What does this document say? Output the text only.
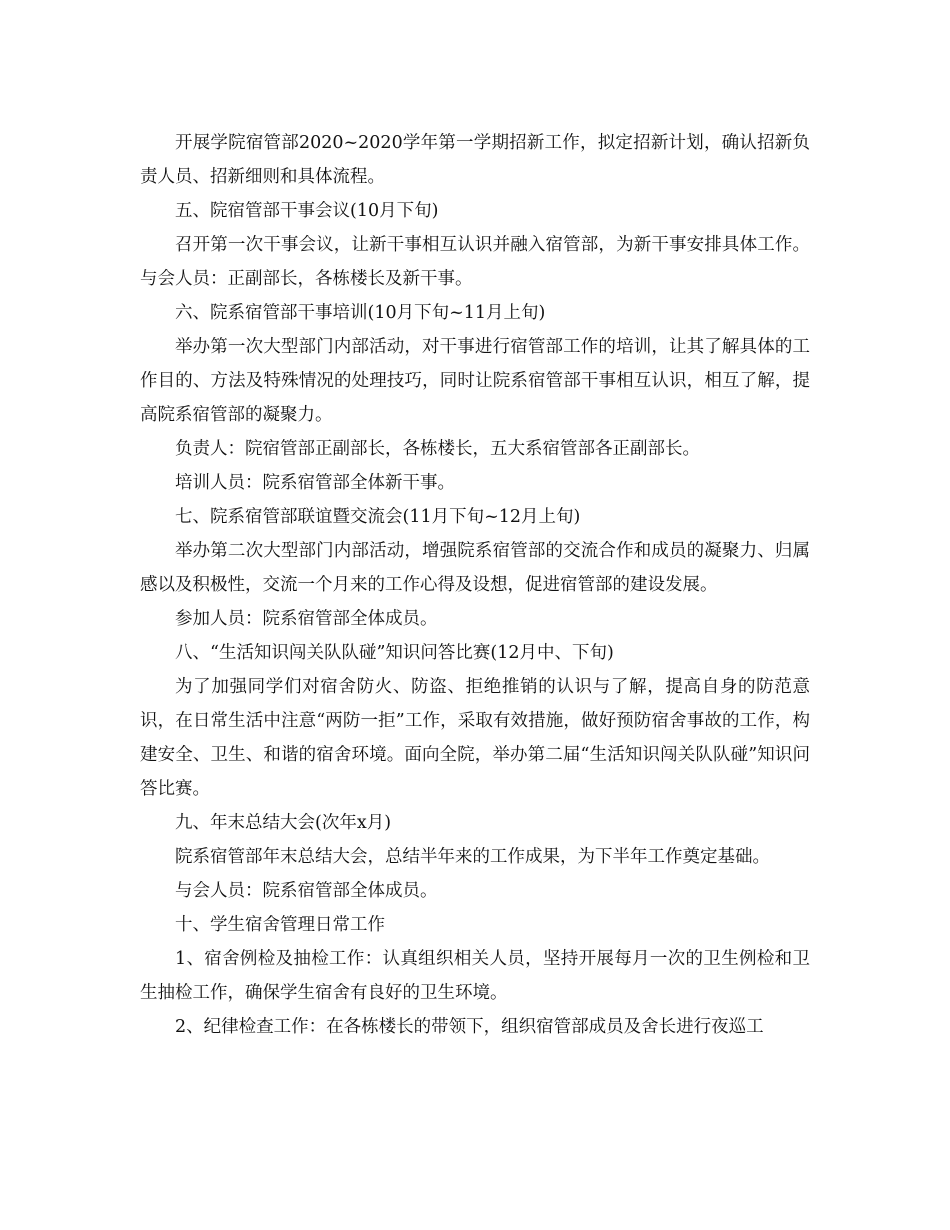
开展学院宿管部2020~2020学年第一学期招新工作，拟定招新计划，确认招新负责人员、招新细则和具体流程。

五、院宿管部干事会议(10月下旬)

召开第一次干事会议，让新干事相互认识并融入宿管部，为新干事安排具体工作。与会人员：正副部长，各栋楼长及新干事。

六、院系宿管部干事培训(10月下旬~11月上旬)

举办第一次大型部门内部活动，对干事进行宿管部工作的培训，让其了解具体的工作目的、方法及特殊情况的处理技巧，同时让院系宿管部干事相互认识，相互了解，提高院系宿管部的凝聚力。

负责人：院宿管部正副部长，各栋楼长，五大系宿管部各正副部长。

培训人员：院系宿管部全体新干事。

七、院系宿管部联谊暨交流会(11月下旬~12月上旬)

举办第二次大型部门内部活动，增强院系宿管部的交流合作和成员的凝聚力、归属感以及积极性，交流一个月来的工作心得及设想，促进宿管部的建设发展。

参加人员：院系宿管部全体成员。

八、“生活知识闯关队队碰”知识问答比赛(12月中、下旬)

为了加强同学们对宿舍防火、防盗、拒绝推销的认识与了解，提高自身的防范意识，在日常生活中注意“两防一拒”工作，采取有效措施，做好预防宿舍事故的工作，构建安全、卫生、和谐的宿舍环境。面向全院，举办第二届“生活知识闯关队队碰”知识问答比赛。

九、年末总结大会(次年x月)

院系宿管部年末总结大会，总结半年来的工作成果，为下半年工作奠定基础。

与会人员：院系宿管部全体成员。

十、学生宿舍管理日常工作

1、宿舍例检及抽检工作：认真组织相关人员，坚持开展每月一次的卫生例检和卫生抽检工作，确保学生宿舍有良好的卫生环境。

2、纪律检查工作：在各栋楼长的带领下，组织宿管部成员及舍长进行夜巡工
